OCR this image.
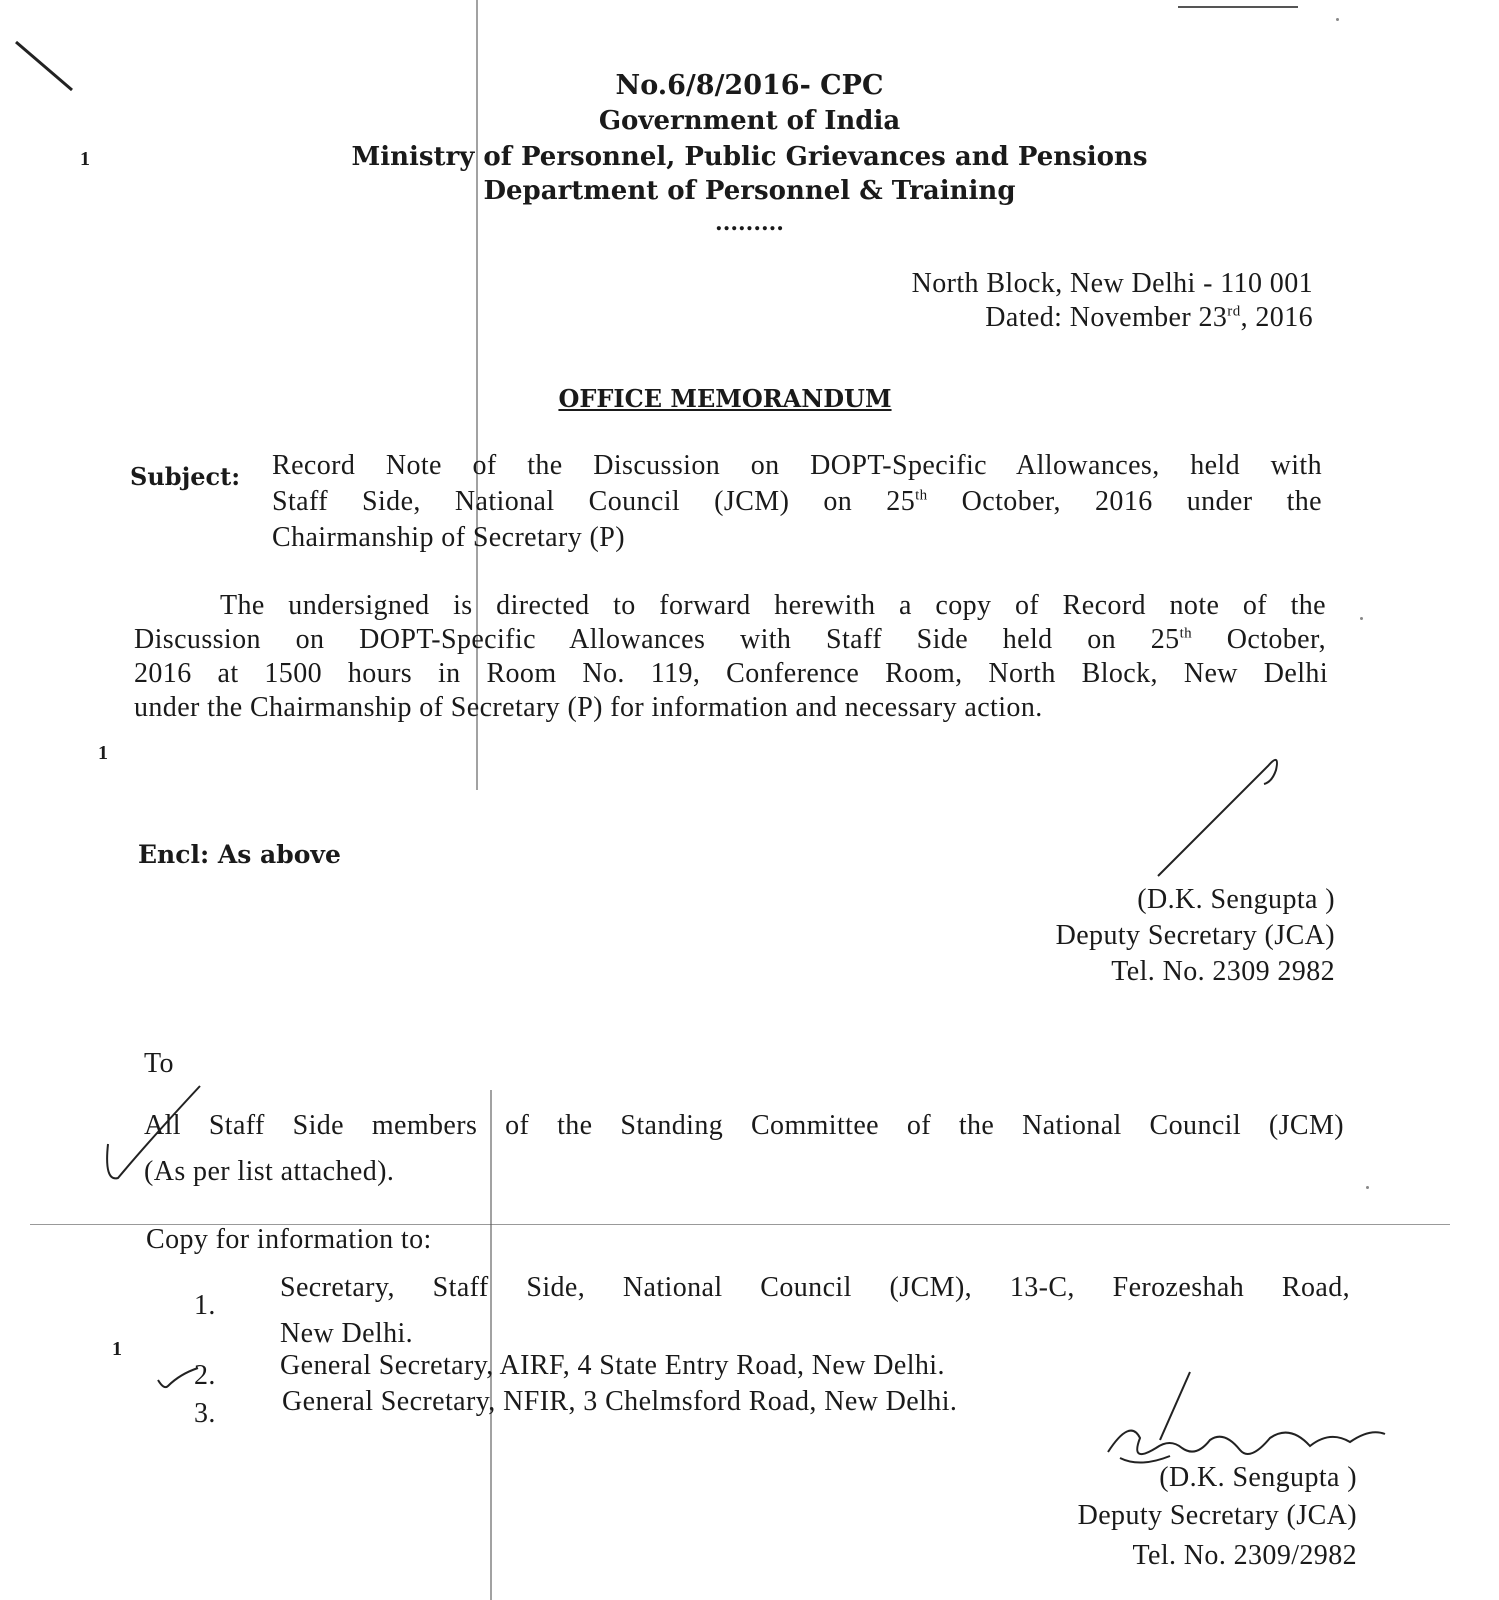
1
1
1
No.6/8/2016- CPC
Government of India
Ministry of Personnel, Public Grievances and Pensions
Department of Personnel & Training
.........
North Block, New Delhi - 110 001
Dated: November 23rd, 2016
OFFICE MEMORANDUM
Subject: Record Note of the Discussion on DOPT-Specific Allowances, held with
Staff Side, National Council (JCM) on 25th October, 2016 under the
Chairmanship of Secretary (P)
The undersigned is directed to forward herewith a copy of Record note of the
Discussion on DOPT-Specific Allowances with Staff Side held on 25th October,
2016 at 1500 hours in Room No. 119, Conference Room, North Block, New Delhi
under the Chairmanship of Secretary (P) for information and necessary action.
Encl: As above
(D.K. Sengupta )
Deputy Secretary (JCA)
Tel. No. 2309 2982
To
All Staff Side members of the Standing Committee of the National Council (JCM)
(As per list attached).
Copy for information to:
1.
Secretary, Staff Side, National Council (JCM), 13-C, Ferozeshah Road,
New Delhi.
2. General Secretary, AIRF, 4 State Entry Road, New Delhi.
3. General Secretary, NFIR, 3 Chelmsford Road, New Delhi.
(D.K. Sengupta )
Deputy Secretary (JCA)
Tel. No. 2309/2982
